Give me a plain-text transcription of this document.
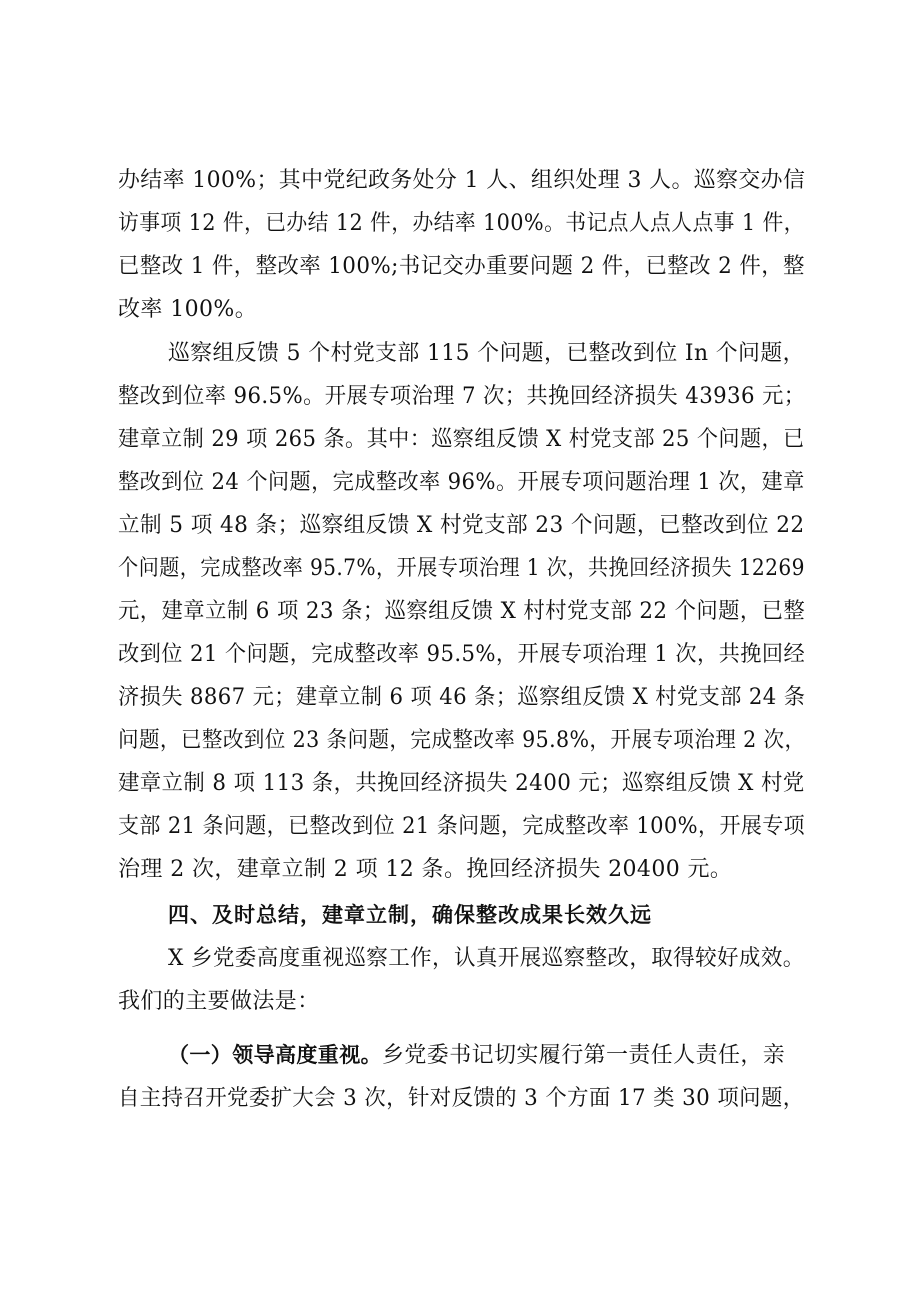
办结率 100%；其中党纪政务处分 1 人、组织处理 3 人。巡察交办信
访事项 12 件，已办结 12 件，办结率 100%。书记点人点人点事 1 件，
已整改 1 件，整改率 100%;书记交办重要问题 2 件，已整改 2 件，整
改率 100%。
巡察组反馈 5 个村党支部 115 个问题，已整改到位 In 个问题，
整改到位率 96.5%。开展专项治理 7 次；共挽回经济损失 43936 元；
建章立制 29 项 265 条。其中：巡察组反馈 X 村党支部 25 个问题，已
整改到位 24 个问题，完成整改率 96%。开展专项问题治理 1 次，建章
立制 5 项 48 条；巡察组反馈 X 村党支部 23 个问题，已整改到位 22
个问题，完成整改率 95.7%，开展专项治理 1 次，共挽回经济损失 12269
元，建章立制 6 项 23 条；巡察组反馈 X 村村党支部 22 个问题，已整
改到位 21 个问题，完成整改率 95.5%，开展专项治理 1 次，共挽回经
济损失 8867 元；建章立制 6 项 46 条；巡察组反馈 X 村党支部 24 条
问题，已整改到位 23 条问题，完成整改率 95.8%，开展专项治理 2 次，
建章立制 8 项 113 条，共挽回经济损失 2400 元；巡察组反馈 X 村党
支部 21 条问题，已整改到位 21 条问题，完成整改率 100%，开展专项
治理 2 次，建章立制 2 项 12 条。挽回经济损失 20400 元。
四、及时总结，建章立制，确保整改成果长效久远
X 乡党委高度重视巡察工作，认真开展巡察整改，取得较好成效。
我们的主要做法是：
（一）领导高度重视。乡党委书记切实履行第一责任人责任，亲
自主持召开党委扩大会 3 次，针对反馈的 3 个方面 17 类 30 项问题，
